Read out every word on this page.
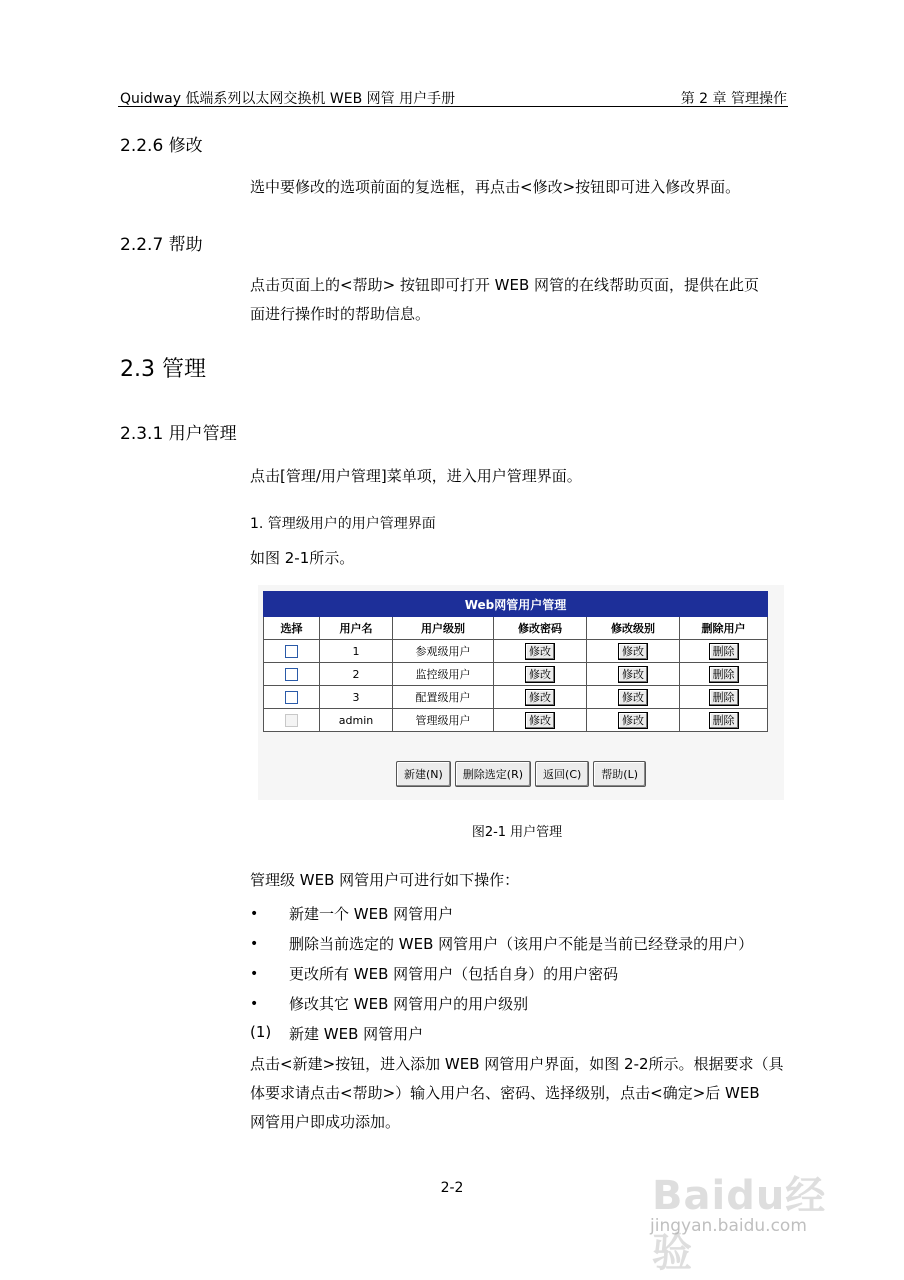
Quidway 低端系列以太网交换机 WEB 网管 用户手册	第 2 章 管理操作
2.2.6 修改
选中要修改的选项前面的复选框，再点击<修改>按钮即可进入修改界面。
2.2.7 帮助
点击页面上的<帮助> 按钮即可打开 WEB 网管的在线帮助页面，提供在此页
面进行操作时的帮助信息。
2.3 管理
2.3.1 用户管理
点击[管理/用户管理]菜单项，进入用户管理界面。
1. 管理级用户的用户管理界面
如图 2-1所示。
Web网管用户管理					
选择	用户名	用户级别	修改密码	修改级别	删除用户
	1	参观级用户	修改	修改	删除
	2	监控级用户	修改	修改	删除
	3	配置级用户	修改	修改	删除
	admin	管理级用户	修改	修改	删除
新建(N) 删除选定(R) 返回(C) 帮助(L)
图2-1 用户管理
管理级 WEB 网管用户可进行如下操作：
• 新建一个 WEB 网管用户
• 删除当前选定的 WEB 网管用户（该用户不能是当前已经登录的用户）
• 更改所有 WEB 网管用户（包括自身）的用户密码
• 修改其它 WEB 网管用户的用户级别
(1) 新建 WEB 网管用户
点击<新建>按钮，进入添加 WEB 网管用户界面，如图 2-2所示。根据要求（具
体要求请点击<帮助>）输入用户名、密码、选择级别，点击<确定>后 WEB
网管用户即成功添加。
2-2	Baidu经验
jingyan.baidu.com
